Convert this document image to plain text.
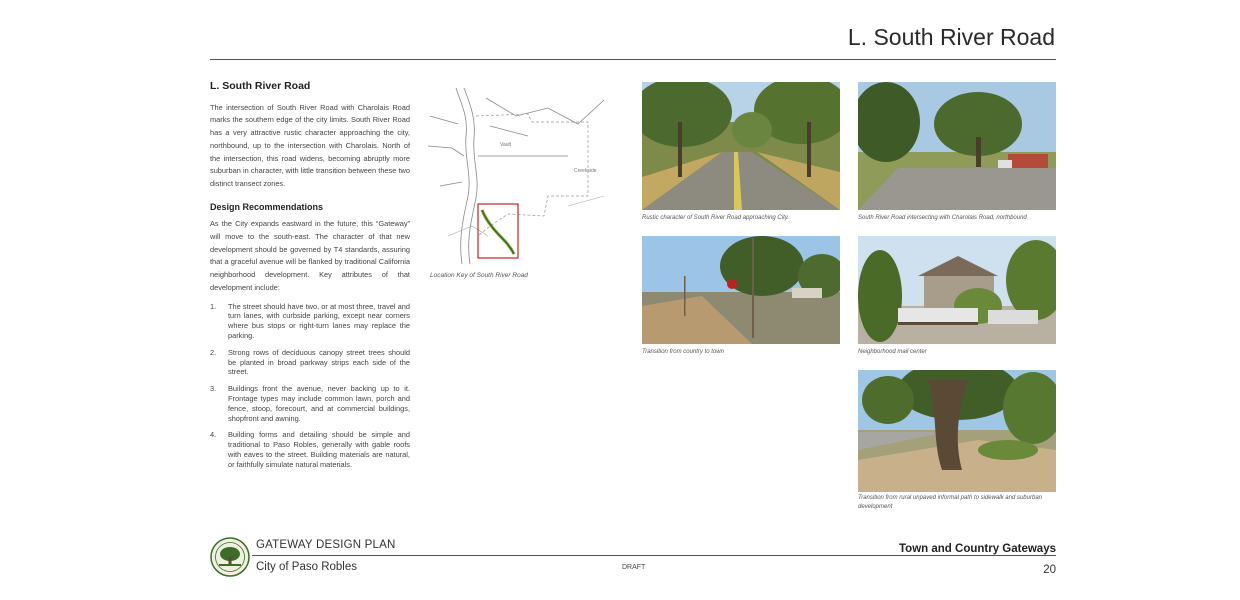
L. South River Road
L. South River Road

The intersection of South River Road with Charolais Road marks the southern edge of the city limits. South River Road has a very attractive rustic character approaching the city, northbound, up to the intersection with Charolais. North of the intersection, this road widens, becoming abruptly more suburban in character, with little transition between these two distinct transect zones.

Design Recommendations

As the City expands eastward in the future, this “Gateway” will move to the south-east. The character of that new development should be governed by T4 standards, assuring that a graceful avenue will be flanked by traditional California neighborhood development. Key attributes of that development include:

1.	The street should have two, or at most three, travel and turn lanes, with curbside parking, except near corners where bus stops or right-turn lanes may replace the parking.
2.	Strong rows of deciduous canopy street trees should be planted in broad parkway strips each side of the street.
3.	Buildings front the avenue, never backing up to it. Frontage types may include common lawn, porch and fence, stoop, forecourt, and at commercial buildings, shopfront and awning.
4.	Building forms and detailing should be simple and traditional to Paso Robles, generally with gable roofs with eaves to the street. Building materials are natural, or faithfully simulate natural materials.
Vault
Creekside
Location Key of South River Road
Rustic character of South River Road approaching City.	South River Road intersecting with Charolais Road, northbound
Transition from country to town	Neighborhood mail center
Transition from rural unpaved informal path to sidewalk and suburban development
GATEWAY DESIGN PLAN
City of Paso Robles	DRAFT
Town and Country Gateways
20
